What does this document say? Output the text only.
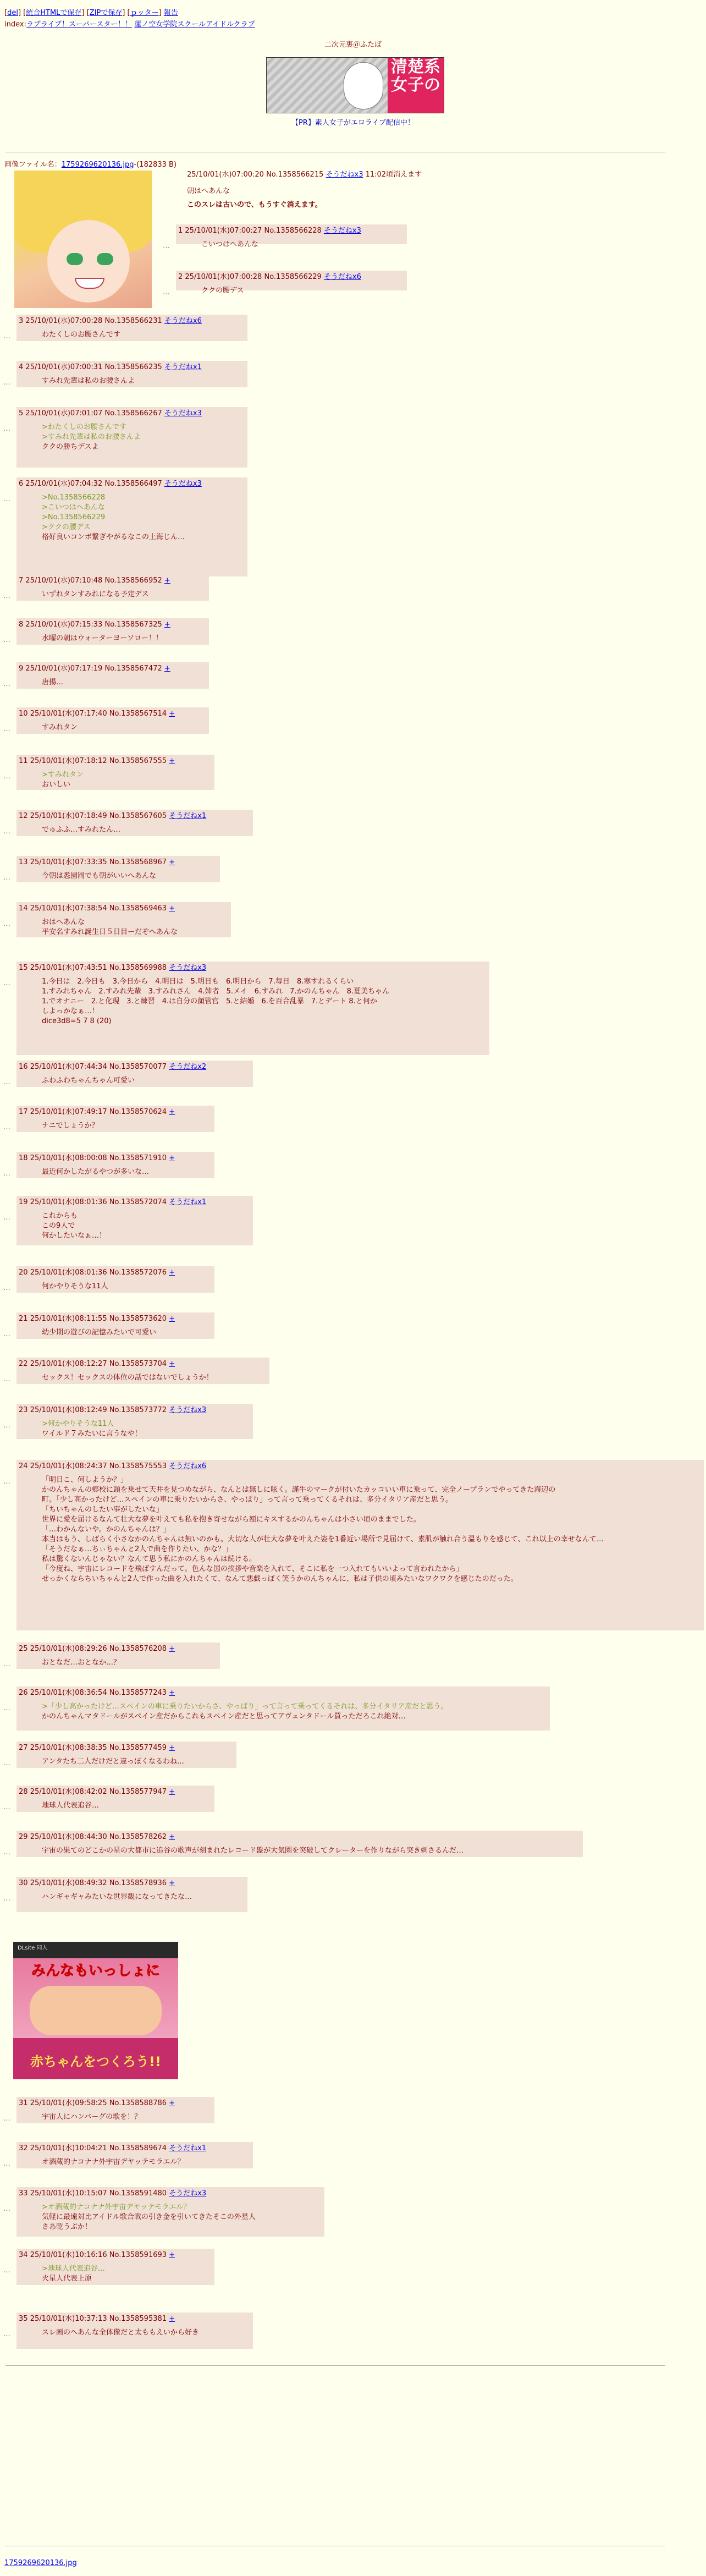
[del] [統合HTMLで保存] [ZIPで保存] [ｐッター] 報告
index:ラブライブ！スーパースター！！ 蓮ノ空女学院スクールアイドルクラブ
二次元裏＠ふたば
清楚系女子の
【PR】素人女子がエロライブ配信中！
画像ファイル名：1759269620136.jpg-(182833 B)
25/10/01(水)07:00:20 No.1358566215 そうだねx3 11:02頃消えます
朝はへあんな
このスレは古いので、もうすぐ消えます。
1 25/10/01(水)07:00:27 No.1358566228 そうだねx3
こいつはへあんな
…
2 25/10/01(水)07:00:28 No.1358566229 そうだねx6
ククの腰デス
…
3 25/10/01(水)07:00:28 No.1358566231 そうだねx6
わたくしのお腰さんです
…
4 25/10/01(水)07:00:31 No.1358566235 そうだねx1
すみれ先輩は私のお腰さんよ
…
5 25/10/01(水)07:01:07 No.1358566267 そうだねx3
>わたくしのお腰さんです
>すみれ先輩は私のお腰さんよ
ククの勝ちデスよ
…
6 25/10/01(水)07:04:32 No.1358566497 そうだねx3
>No.1358566228
>こいつはへあんな
>No.1358566229
>ククの腰デス
格好良いコンボ繋ぎやがるなこの上海じん…
…
7 25/10/01(水)07:10:48 No.1358566952 +
いずれタンすみれになる予定デス
…
8 25/10/01(水)07:15:33 No.1358567325 +
水曜の朝はウォーターヨーソロー！！
…
9 25/10/01(水)07:17:19 No.1358567472 +
唐揚…
…
10 25/10/01(水)07:17:40 No.1358567514 +
すみれタン
…
11 25/10/01(水)07:18:12 No.1358567555 +
>すみれタン
おいしい
…
12 25/10/01(水)07:18:49 No.1358567605 そうだねx1
でゅふふ…すみれたん…
…
13 25/10/01(水)07:33:35 No.1358568967 +
今朝は悉園岡でも朝がいいへあんな
…
14 25/10/01(水)07:38:54 No.1358569463 +
おはへあんな
平安名すみれ誕生日５日目ーだぞへあんな
…
15 25/10/01(水)07:43:51 No.1358569988 そうだねx3
1.今日は　2.今日も　3.今日から　4.明日は　5.明日も　6.明日から　7.毎日　8.寒すれるくらい
1.すみれちゃん　2.すみれ先輩　3.すみれさん　4.姉者　5.メイ　6.すみれ　7.かのんちゃん　8.夏美ちゃん
1.でオナニー　2.と化現　3.と練習　4.は自分の顔管官　5.と結婚　6.を百合乱暴　7.とデート 8.と何か
しよっかなぁ…！
dice3d8=5 7 8 (20)
…
16 25/10/01(水)07:44:34 No.1358570077 そうだねx2
ふわふわちゃんちゃん可愛い
…
17 25/10/01(水)07:49:17 No.1358570624 +
ナニでしょうか？
…
18 25/10/01(水)08:00:08 No.1358571910 +
最近何かしたがるやつが多いな…
…
19 25/10/01(水)08:01:36 No.1358572074 そうだねx1
これからも
この9人で
何かしたいなぁ…！
…
20 25/10/01(水)08:01:36 No.1358572076 +
何かやりそうな11人
…
21 25/10/01(水)08:11:55 No.1358573620 +
幼少期の遊びの記憶みたいで可愛い
…
22 25/10/01(水)08:12:27 No.1358573704 +
セックス！セックスの体位の話ではないでしょうか！
…
23 25/10/01(水)08:12:49 No.1358573772 そうだねx3
>何かやりそうな11人
ワイルド７みたいに言うなや！
…
24 25/10/01(水)08:24:37 No.1358575553 そうだねx6
「明日こ、何しようか？」
かのんちゃんの郷校に頭を乗せて天井を見つめながら、なんとは無しに呟く。謹牛のマークが付いたカッコいい車に乗って、完全ノープランでやってきた海辺の
町。「少し高かったけど…スペインの車に乗りたいからさ、やっぱり」って言って乗ってくるそれは、多分イタリア産だと思う。
「ちいちゃんのしたい事がしたいな」
世界に愛を届けるなんて壮大な夢を叶えても私を抱き寄せながら額にキスするかのんちゃんは小さい頃のままでした。
「…わかんないや。かのんちゃんは？」
本当はもう、しばらく小さなかのんちゃんは無いのかも。大切な人が壮大な夢を叶えた姿を1番近い場所で見届けて、素肌が触れ合う温もりを感じて、これ以上の幸せなんて…
「そうだなぁ…ちぃちゃんと2人で曲を作りたい、かな？」
私は驚くないんじゃない？なんて思う私にかのんちゃんは続ける。
「今度ね、宇宙にレコードを飛ばすんだって。色んな国の挨拶や音楽を入れて、そこに私を一つ入れてもいいよって言われたから」
せっかくならちいちゃんと2人で作った曲を入れたくて、なんて悪戯っぽく笑うかのんちゃんに、私は子供の頃みたいなワクワクを感じたのだった。
…
25 25/10/01(水)08:29:26 No.1358576208 +
おとなだ…おとなか…？
…
26 25/10/01(水)08:36:54 No.1358577243 +
>「少し高かったけど…スペインの車に乗りたいからさ、やっぱり」って言って乗ってくるそれは、多分イタリア産だと思う。
かのんちゃんマタドールがスペイン産だからこれもスペイン産だと思ってアヴェンタドール買っただろこれ絶対…
…
27 25/10/01(水)08:38:35 No.1358577459 +
アンタたち二人だけだと違っぽくなるわね…
…
28 25/10/01(水)08:42:02 No.1358577947 +
地球人代表追谷…
…
29 25/10/01(水)08:44:30 No.1358578262 +
宇宙の果てのどこかの星の大都市に追谷の歌声が刻まれたレコード盤が大気圏を突破してクレーターを作りながら突き刺さるんだ…
…
30 25/10/01(水)08:49:32 No.1358578936 +
ハンギャギャみたいな世界観になってきたな…
…
31 25/10/01(水)09:58:25 No.1358588786 +
宇宙人にハンバーグの歌を！？
…
32 25/10/01(水)10:04:21 No.1358589674 そうだねx1
オ酒蔵的ナコナナ外宇宙デヤッテモラエル？
…
33 25/10/01(水)10:15:07 No.1358591480 そうだねx3
>オ酒蔵的ナコナナ外宇宙デヤッテモラエル？
気軽に最遠対比アイドル歌合戦の引き金を引いてきたそこの外星人
さあ乾うぶか！
…
34 25/10/01(水)10:16:16 No.1358591693 +
>地球人代表追谷…
火星人代表上原
…
35 25/10/01(水)10:37:13 No.1358595381 +
スレ画のへあんな全体像だと太ももえいから好き
…
DLsite 同人
みんなもいっしょに
赤ちゃんをつくろう!!
1759269620136.jpg
